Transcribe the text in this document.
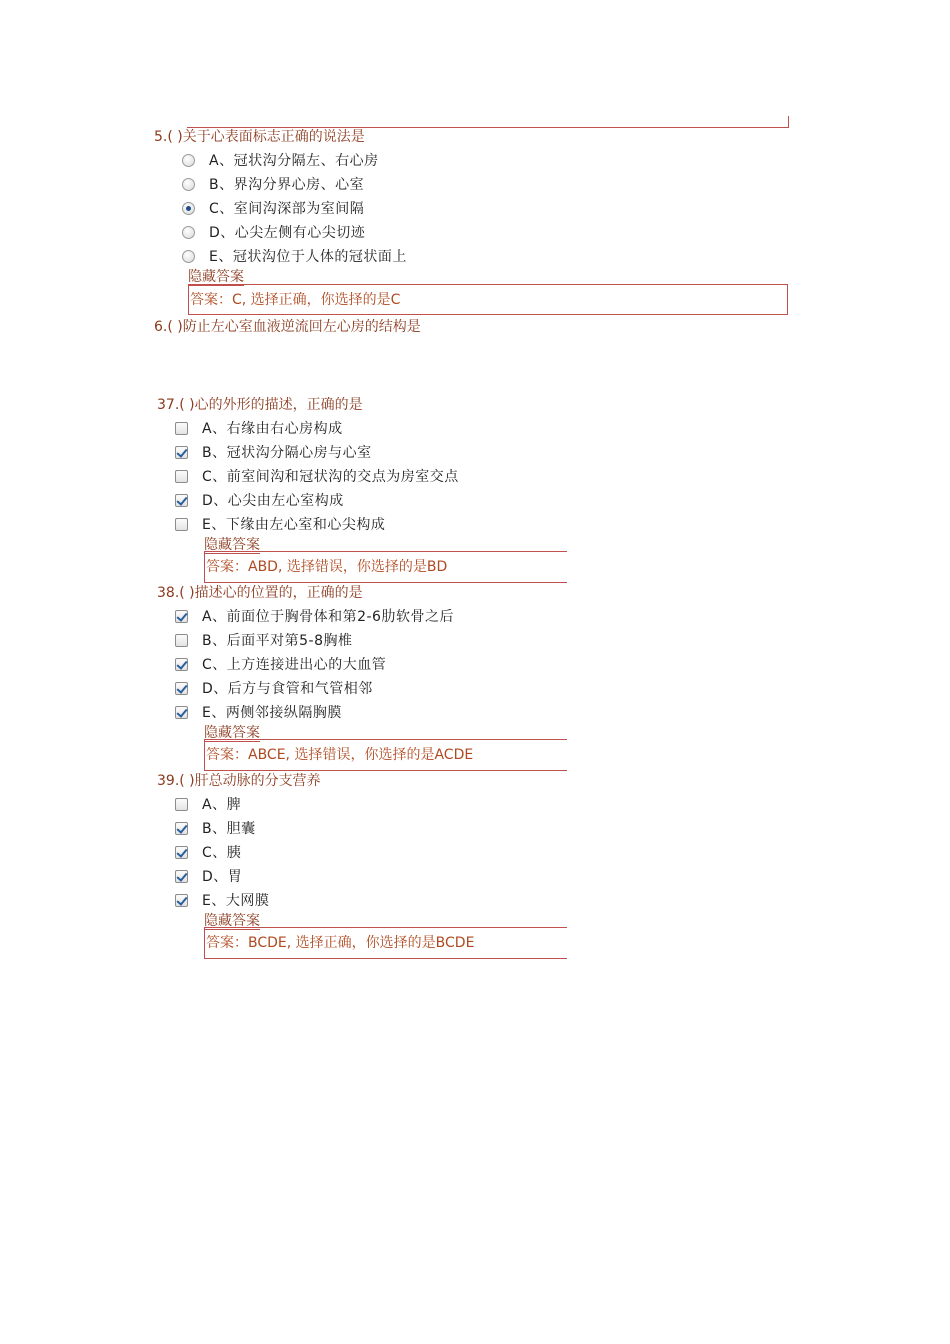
5.( )关于心表面标志正确的说法是

A、冠状沟分隔左、右心房
B、界沟分界心房、心室
C、室间沟深部为室间隔
D、心尖左侧有心尖切迹
E、冠状沟位于人体的冠状面上
隐藏答案
答案：C, 选择正确，你选择的是C
6.( )防止左心室血液逆流回左心房的结构是

37.( )心的外形的描述，正确的是

A、右缘由右心房构成
B、冠状沟分隔心房与心室
C、前室间沟和冠状沟的交点为房室交点
D、心尖由左心室构成
E、下缘由左心室和心尖构成
隐藏答案
答案：ABD, 选择错误，你选择的是BD

38.( )描述心的位置的，正确的是

A、前面位于胸骨体和第2-6肋软骨之后
B、后面平对第5-8胸椎
C、上方连接进出心的大血管
D、后方与食管和气管相邻
E、两侧邻接纵隔胸膜
隐藏答案
答案：ABCE, 选择错误，你选择的是ACDE

39.( )肝总动脉的分支营养

A、脾
B、胆囊
C、胰
D、胃
E、大网膜
隐藏答案
答案：BCDE, 选择正确，你选择的是BCDE
